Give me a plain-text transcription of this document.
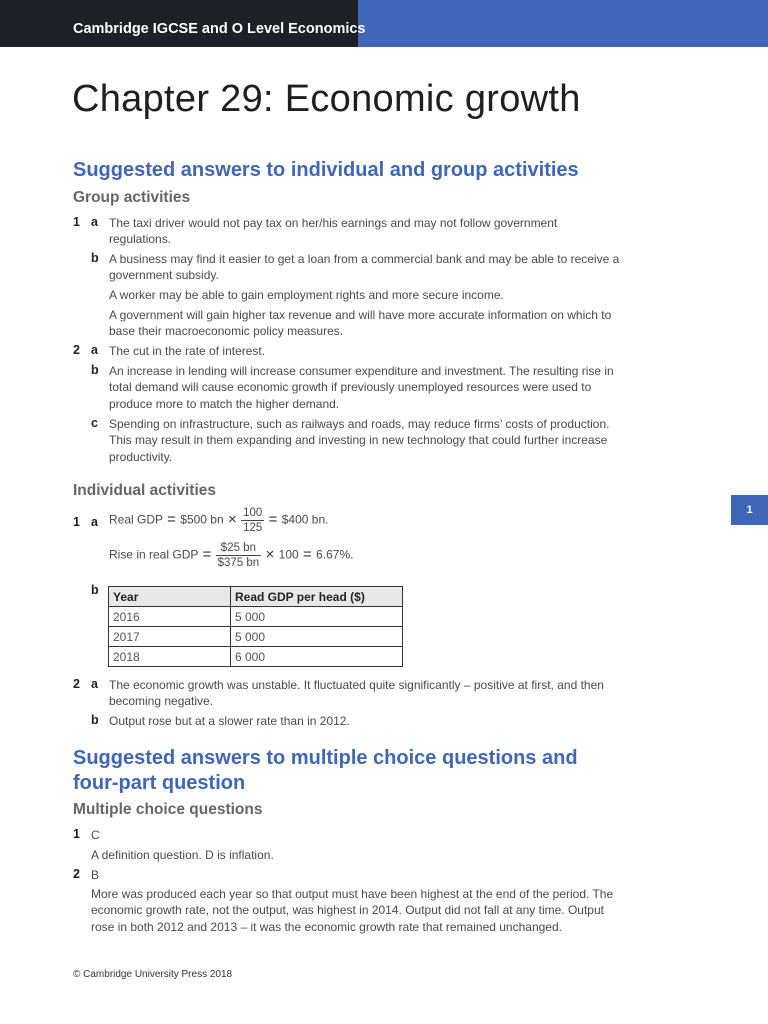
Cambridge IGCSE and O Level Economics
Chapter 29: Economic growth
Suggested answers to individual and group activities
Group activities
1 a The taxi driver would not pay tax on her/his earnings and may not follow government regulations.
b A business may find it easier to get a loan from a commercial bank and may be able to receive a government subsidy.
A worker may be able to gain employment rights and more secure income.
A government will gain higher tax revenue and will have more accurate information on which to base their macroeconomic policy measures.
2 a The cut in the rate of interest.
b An increase in lending will increase consumer expenditure and investment. The resulting rise in total demand will cause economic growth if previously unemployed resources were used to produce more to match the higher demand.
c Spending on infrastructure, such as railways and roads, may reduce firms’ costs of production. This may result in them expanding and investing in new technology that could further increase productivity.
Individual activities
1 a Real GDP = $500 bn × $\frac{100}{125}$ = $400 bn.
Rise in real GDP = $\frac{\$25 bn}{\$375 bn} \times 100 = 6.67\%$.
b Year	Read GDP per head ($)
2016	5 000
2017	5 000
2018	6 000
2 a The economic growth was unstable. It fluctuated quite significantly – positive at first, and then becoming negative.
b Output rose but at a slower rate than in 2012.
Suggested answers to multiple choice questions and
four-part question
Multiple choice questions
1 C
A definition question. D is inflation.
2 B
More was produced each year so that output must have been highest at the end of the period. The economic growth rate, not the output, was highest in 2014. Output did not fall at any time. Output rose in both 2012 and 2013 – it was the economic growth rate that remained unchanged.
1
© Cambridge University Press 2018
